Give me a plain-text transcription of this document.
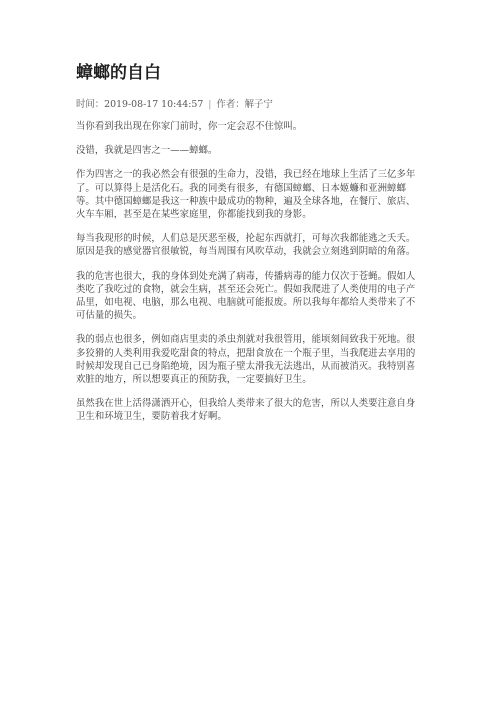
蟑螂的自白
时间：2019-08-17 10:44:57 | 作者：解子宁

当你看到我出现在你家门前时，你一定会忍不住惊叫。

没错，我就是四害之一——蟑螂。

作为四害之一的我必然会有很强的生命力，没错，我已经在地球上生活了三亿多年了。可以算得上是活化石。我的同类有很多，有德国蟑螂、日本姬蠊和亚洲蟑螂等。其中德国蟑螂是我这一种族中最成功的物种，遍及全球各地，在餐厅、旅店、火车车厢，甚至是在某些家庭里，你都能找到我的身影。

每当我现形的时候，人们总是厌恶至极，抡起东西就打，可每次我都能逃之夭夭。原因是我的感觉器官很敏锐，每当周围有风吹草动，我就会立刻逃到阴暗的角落。

我的危害也很大，我的身体到处充满了病毒，传播病毒的能力仅次于苍蝇。假如人类吃了我吃过的食物，就会生病，甚至还会死亡。假如我爬进了人类使用的电子产品里，如电视、电脑，那么电视、电脑就可能报废。所以我每年都给人类带来了不可估量的损失。

我的弱点也很多，例如商店里卖的杀虫剂就对我很管用，能顷刻间致我于死地。很多狡猾的人类利用我爱吃甜食的特点，把甜食放在一个瓶子里，当我爬进去享用的时候却发现自己已身陷绝境，因为瓶子壁太滑我无法逃出，从而被消灭。我特别喜欢脏的地方，所以想要真正的预防我，一定要搞好卫生。

虽然我在世上活得潇洒开心，但我给人类带来了很大的危害，所以人类要注意自身卫生和环境卫生，要防着我才好啊。
